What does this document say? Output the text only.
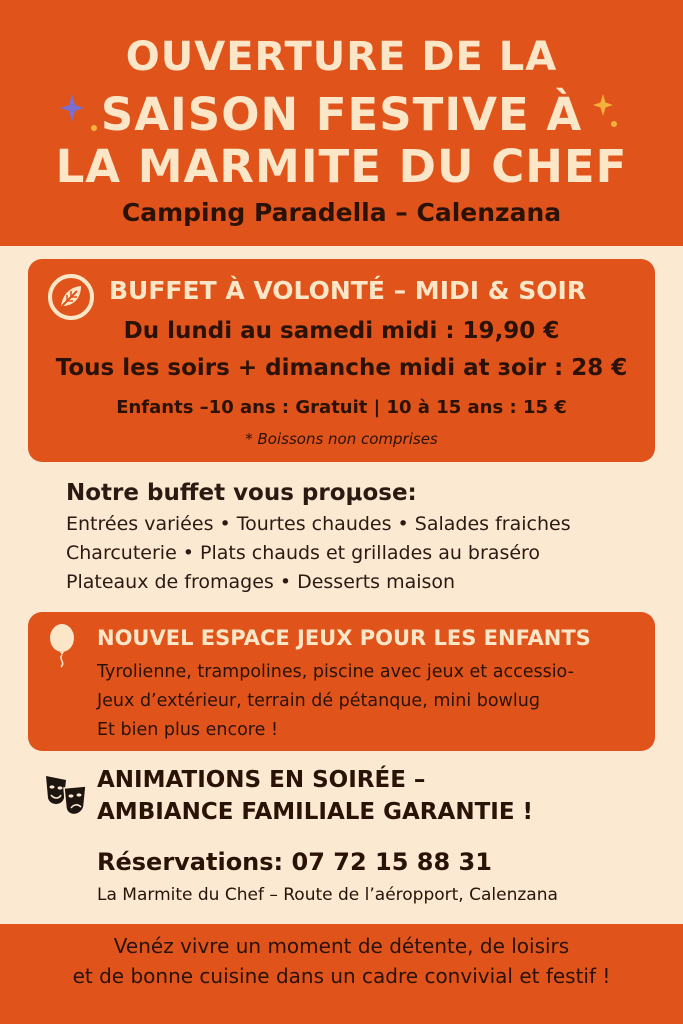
OUVERTURE DE LA
SAISON FESTIVE À
LA MARMITE DU CHEF
Camping Paradella – Calenzana
BUFFET À VOLONTÉ – MIDI & SOIR
Du lundi au samedi midi : 19,90 €
Tous les soirs + dimanche midi at зoir : 28 €
Enfants –10 ans : Gratuit | 10 à 15 ans : 15 €
* Boissons non comprises
Notre buffet vous proμose:
Entrées variées • Tourtes chaudes • Salades fraiches
Charcuterie • Plats chauds et grillades au braséro
Plateaux de fromages • Desserts maison
NOUVEL ESPACE JEUX POUR LES ENFANTS
Tyrolienne, trampolines, piscine avec jeux et accessio-
Jeux d’extérieur, terrain dé pétanque, mini bowluɡ
Et bien plus encore !
ANIMATIONS EN SOIRÉE –
AMBIANCE FAMILIALE GARANTIE !
Réservations: 07 72 15 88 31
La Marmite du Chef – Route de l’aéropport, Calenzana
Venéz vivre un moment de détente, de loisirs
et de bonne cuisine dans un cadre convivial et festif !
